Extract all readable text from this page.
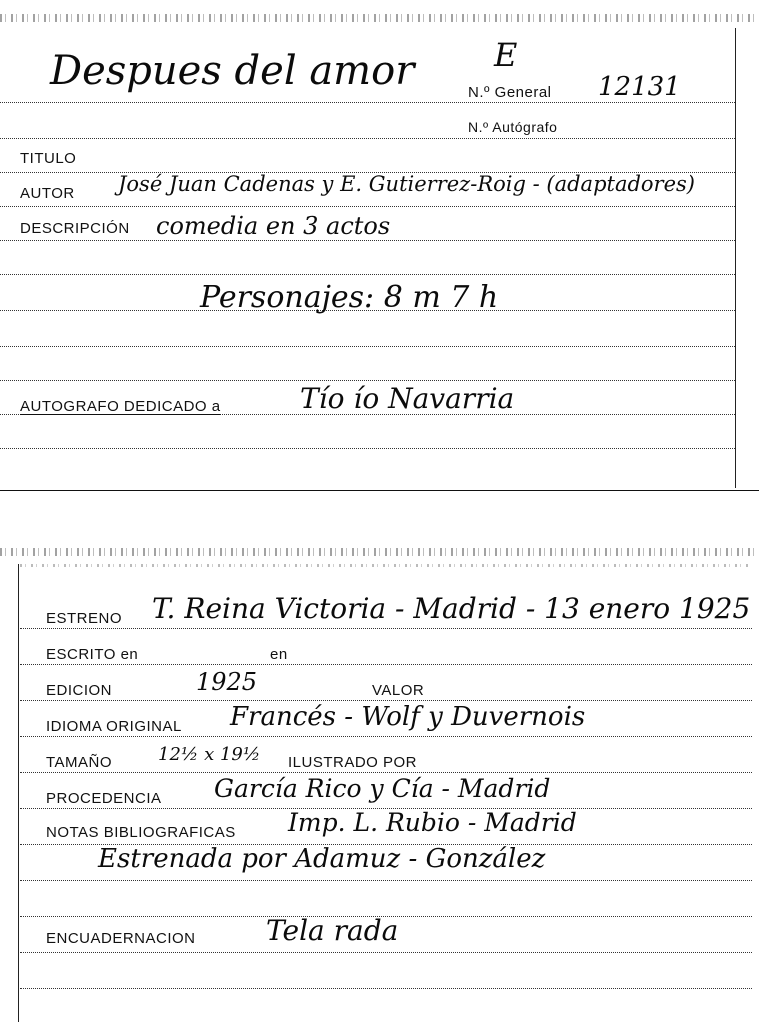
Despues del amor E
N.º General 12131
N.º Autógrafo
TITULO
AUTOR José Juan Cadenas y E. Gutierrez-Roig - (adaptadores)
DESCRIPCIÓN comedia en 3 actos
Personajes: 8 m 7 h
AUTOGRAFO DEDICADO a	Tío ío Navarria
ESTRENO T. Reina Victoria - Madrid - 13 enero 1925
ESCRITO en	en
EDICION	1925	VALOR
IDIOMA ORIGINAL Francés - Wolf y Duvernois
TAMAÑO	12½ x 19½ ILUSTRADO POR
PROCEDENCIA García Rico y Cía - Madrid
NOTAS BIBLIOGRAFICAS Imp. L. Rubio - Madrid
Estrenada por Adamuz - González
ENCUADERNACION	Tela rada
